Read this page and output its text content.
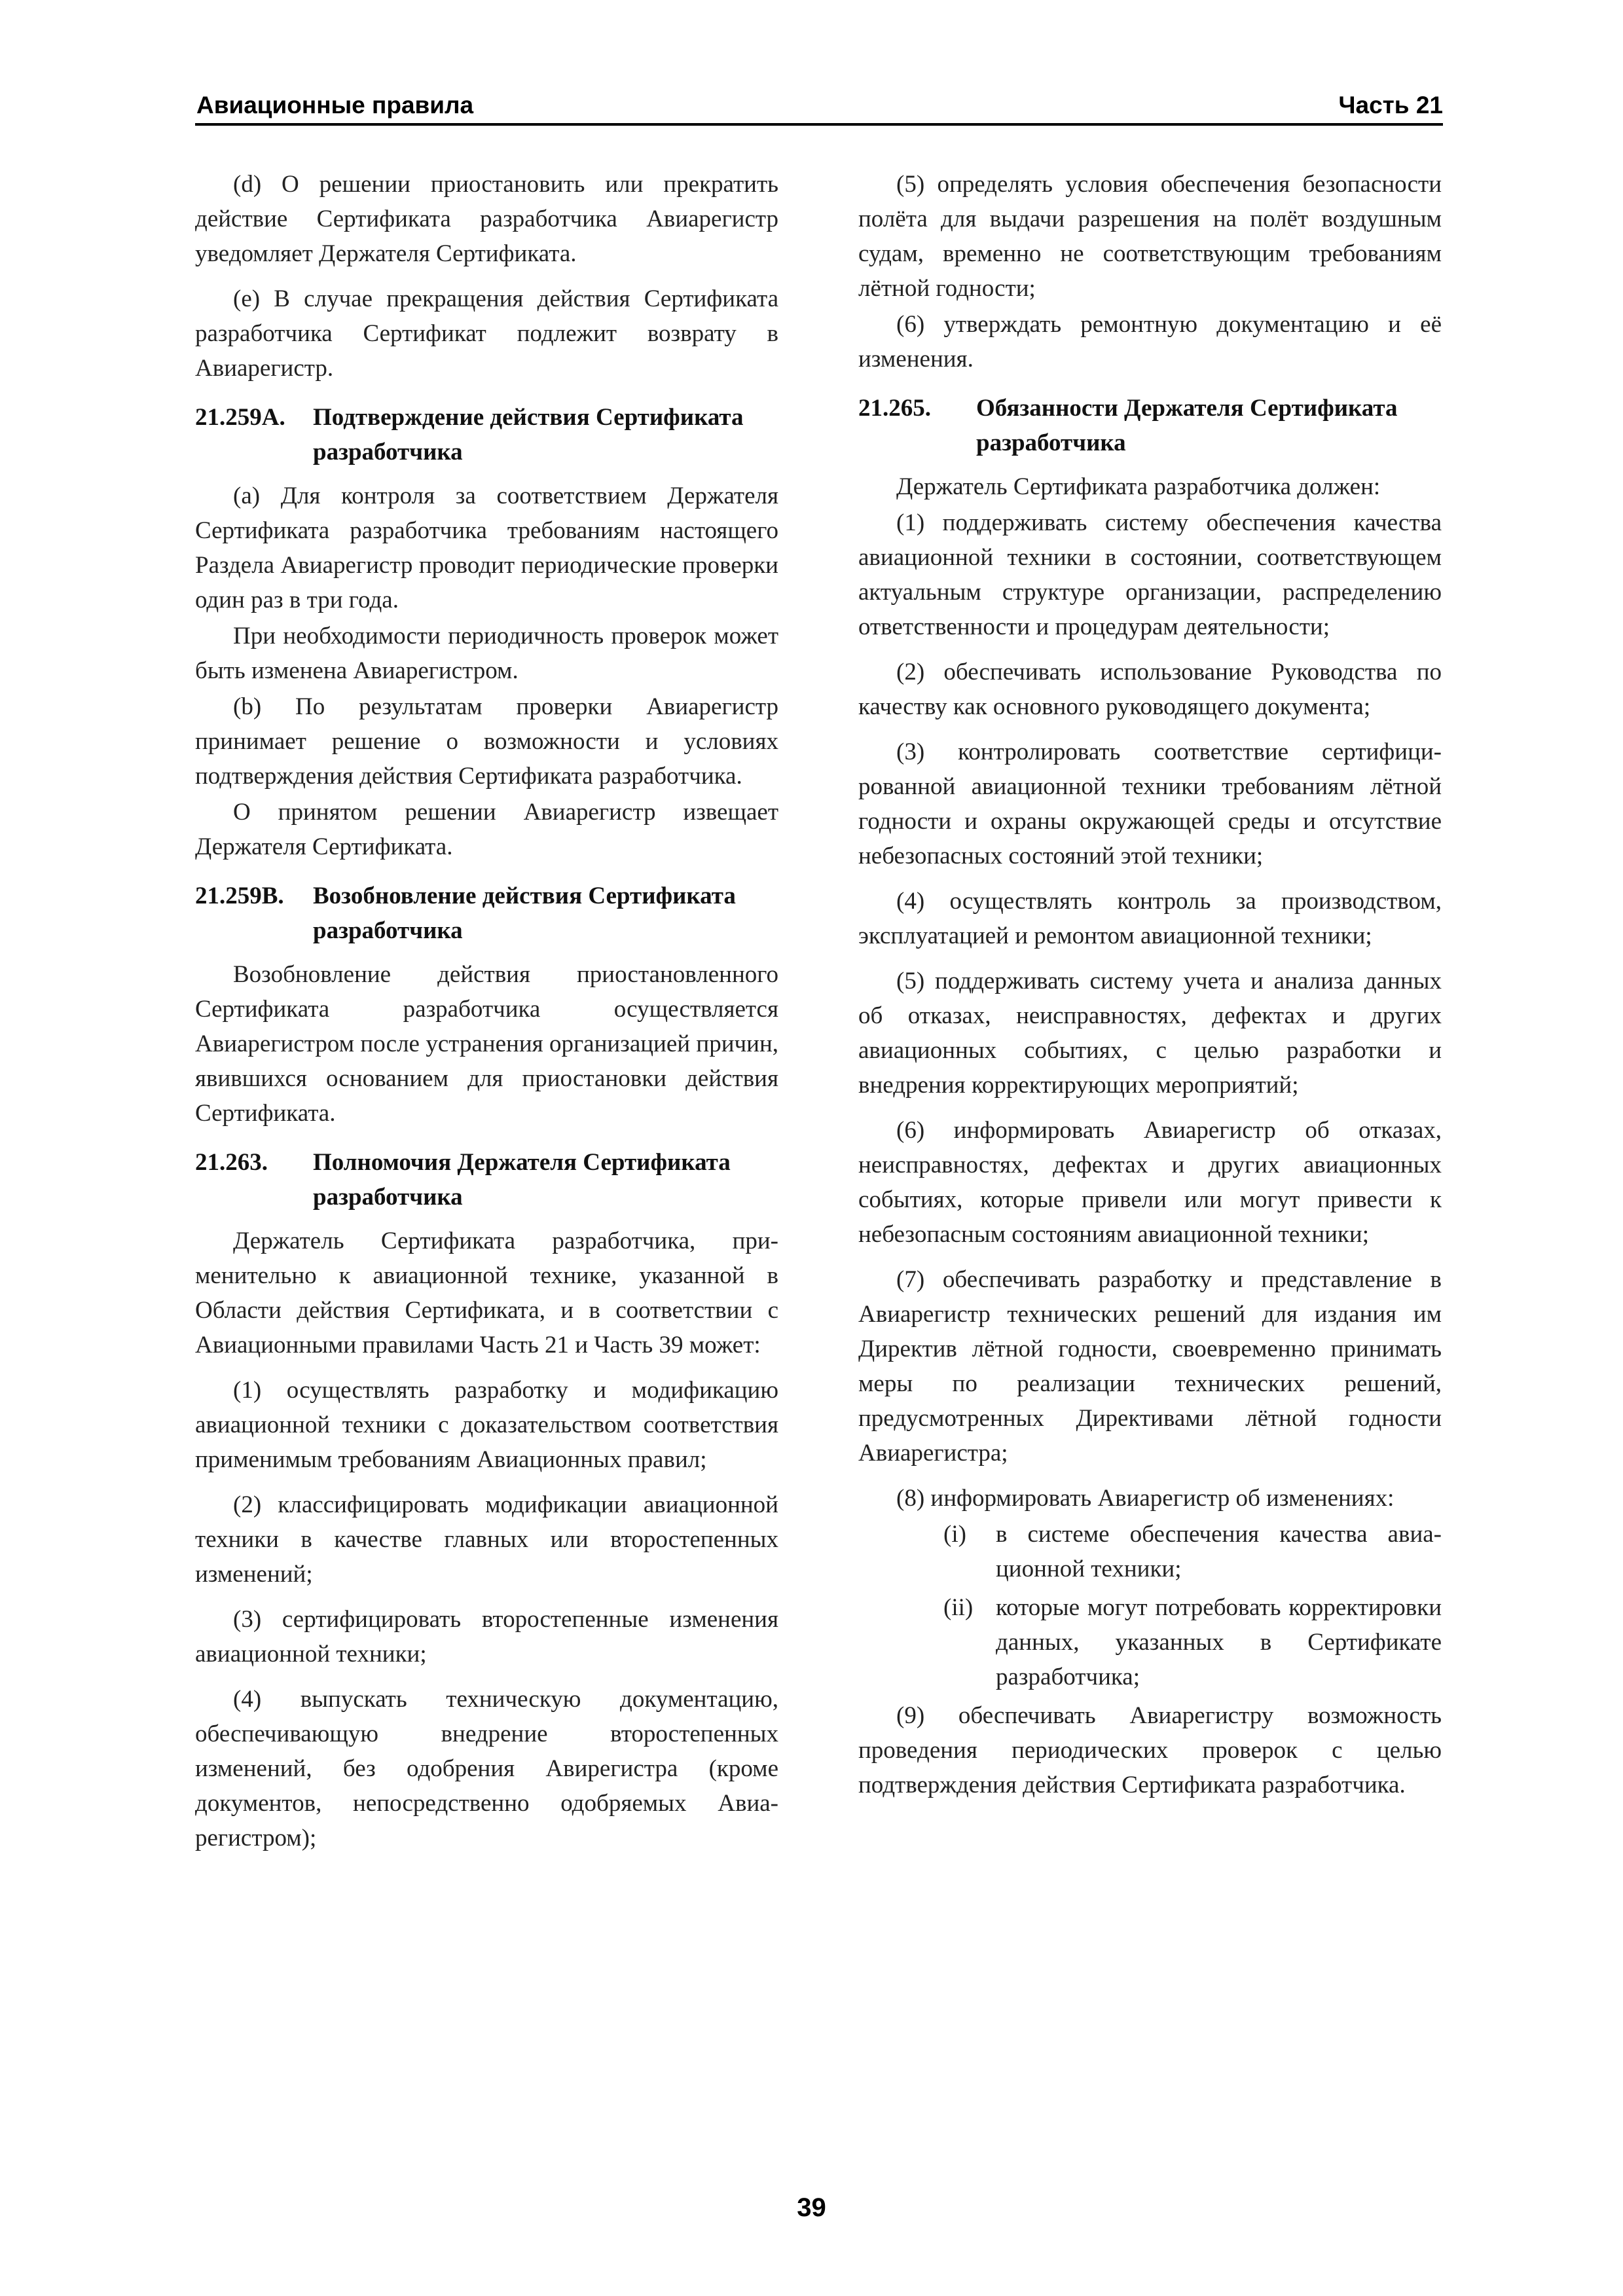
Авиационные правила	Часть 21

(d) О решении приостановить или прекратить действие Сертификата разработчика Авиарегистр уведомляет Держателя Сертификата.

(e) В случае прекращения действия Сертификата разработчика Сертификат подлежит возврату в Авиарегистр.

21.259А. Подтверждение действия Сертификата разработчика

(a) Для контроля за соответствием Держателя Сертификата разработчика требованиям настоящего Раздела Авиарегистр проводит периодические проверки один раз в три года.

При необходимости периодичность проверок может быть изменена Авиарегистром.

(b) По результатам проверки Авиарегистр принимает решение о возможности и условиях подтверждения действия Сертификата разработчика.

О принятом решении Авиарегистр извещает Держателя Сертификата.

21.259В. Возобновление действия Сертификата разработчика

Возобновление действия приостановленного Сертификата разработчика осуществляется Авиарегистром после устранения организацией причин, явившихся основанием для приостановки действия Сертификата.

21.263. Полномочия Держателя Сертификата разработчика

Держатель Сертификата разработчика, применительно к авиационной технике, указанной в Области действия Сертификата, и в соответствии с Авиационными правилами Часть 21 и Часть 39 может:

(1) осуществлять разработку и модификацию авиационной техники с доказательством соответствия применимым требованиям Авиационных правил;

(2) классифицировать модификации авиационной техники в качестве главных или второстепенных изменений;

(3) сертифицировать второстепенные изменения авиационной техники;

(4) выпускать техническую документацию, обеспечивающую внедрение второстепенных изменений, без одобрения Авирегистра (кроме документов, непосредственно одобряемых Авиарегистром);

(5) определять условия обеспечения безопасности полёта для выдачи разрешения на полёт воздушным судам, временно не соответствующим требованиям лётной годности;

(6) утверждать ремонтную документацию и её изменения.

21.265. Обязанности Держателя Сертификата разработчика

Держатель Сертификата разработчика должен:

(1) поддерживать систему обеспечения качества авиационной техники в состоянии, соответствующем актуальным структуре организации, распределению ответственности и процедурам деятельности;

(2) обеспечивать использование Руководства по качеству как основного руководящего документа;

(3) контролировать соответствие сертифицированной авиационной техники требованиям лётной годности и охраны окружающей среды и отсутствие небезопасных состояний этой техники;

(4) осуществлять контроль за производством, эксплуатацией и ремонтом авиационной техники;

(5) поддерживать систему учета и анализа данных об отказах, неисправностях, дефектах и других авиационных событиях, с целью разработки и внедрения корректирующих мероприятий;

(6) информировать Авиарегистр об отказах, неисправностях, дефектах и других авиационных событиях, которые привели или могут привести к небезопасным состояниям авиационной техники;

(7) обеспечивать разработку и представление в Авиарегистр технических решений для издания им Директив лётной годности, своевременно принимать меры по реализации технических решений, предусмотренных Директивами лётной годности Авиарегистра;

(8) информировать Авиарегистр об изменениях:

(i) в системе обеспечения качества авиационной техники;

(ii) которые могут потребовать корректировки данных, указанных в Сертификате разработчика;

(9) обеспечивать Авиарегистру возможность проведения периодических проверок с целью подтверждения действия Сертификата разработчика.

39
